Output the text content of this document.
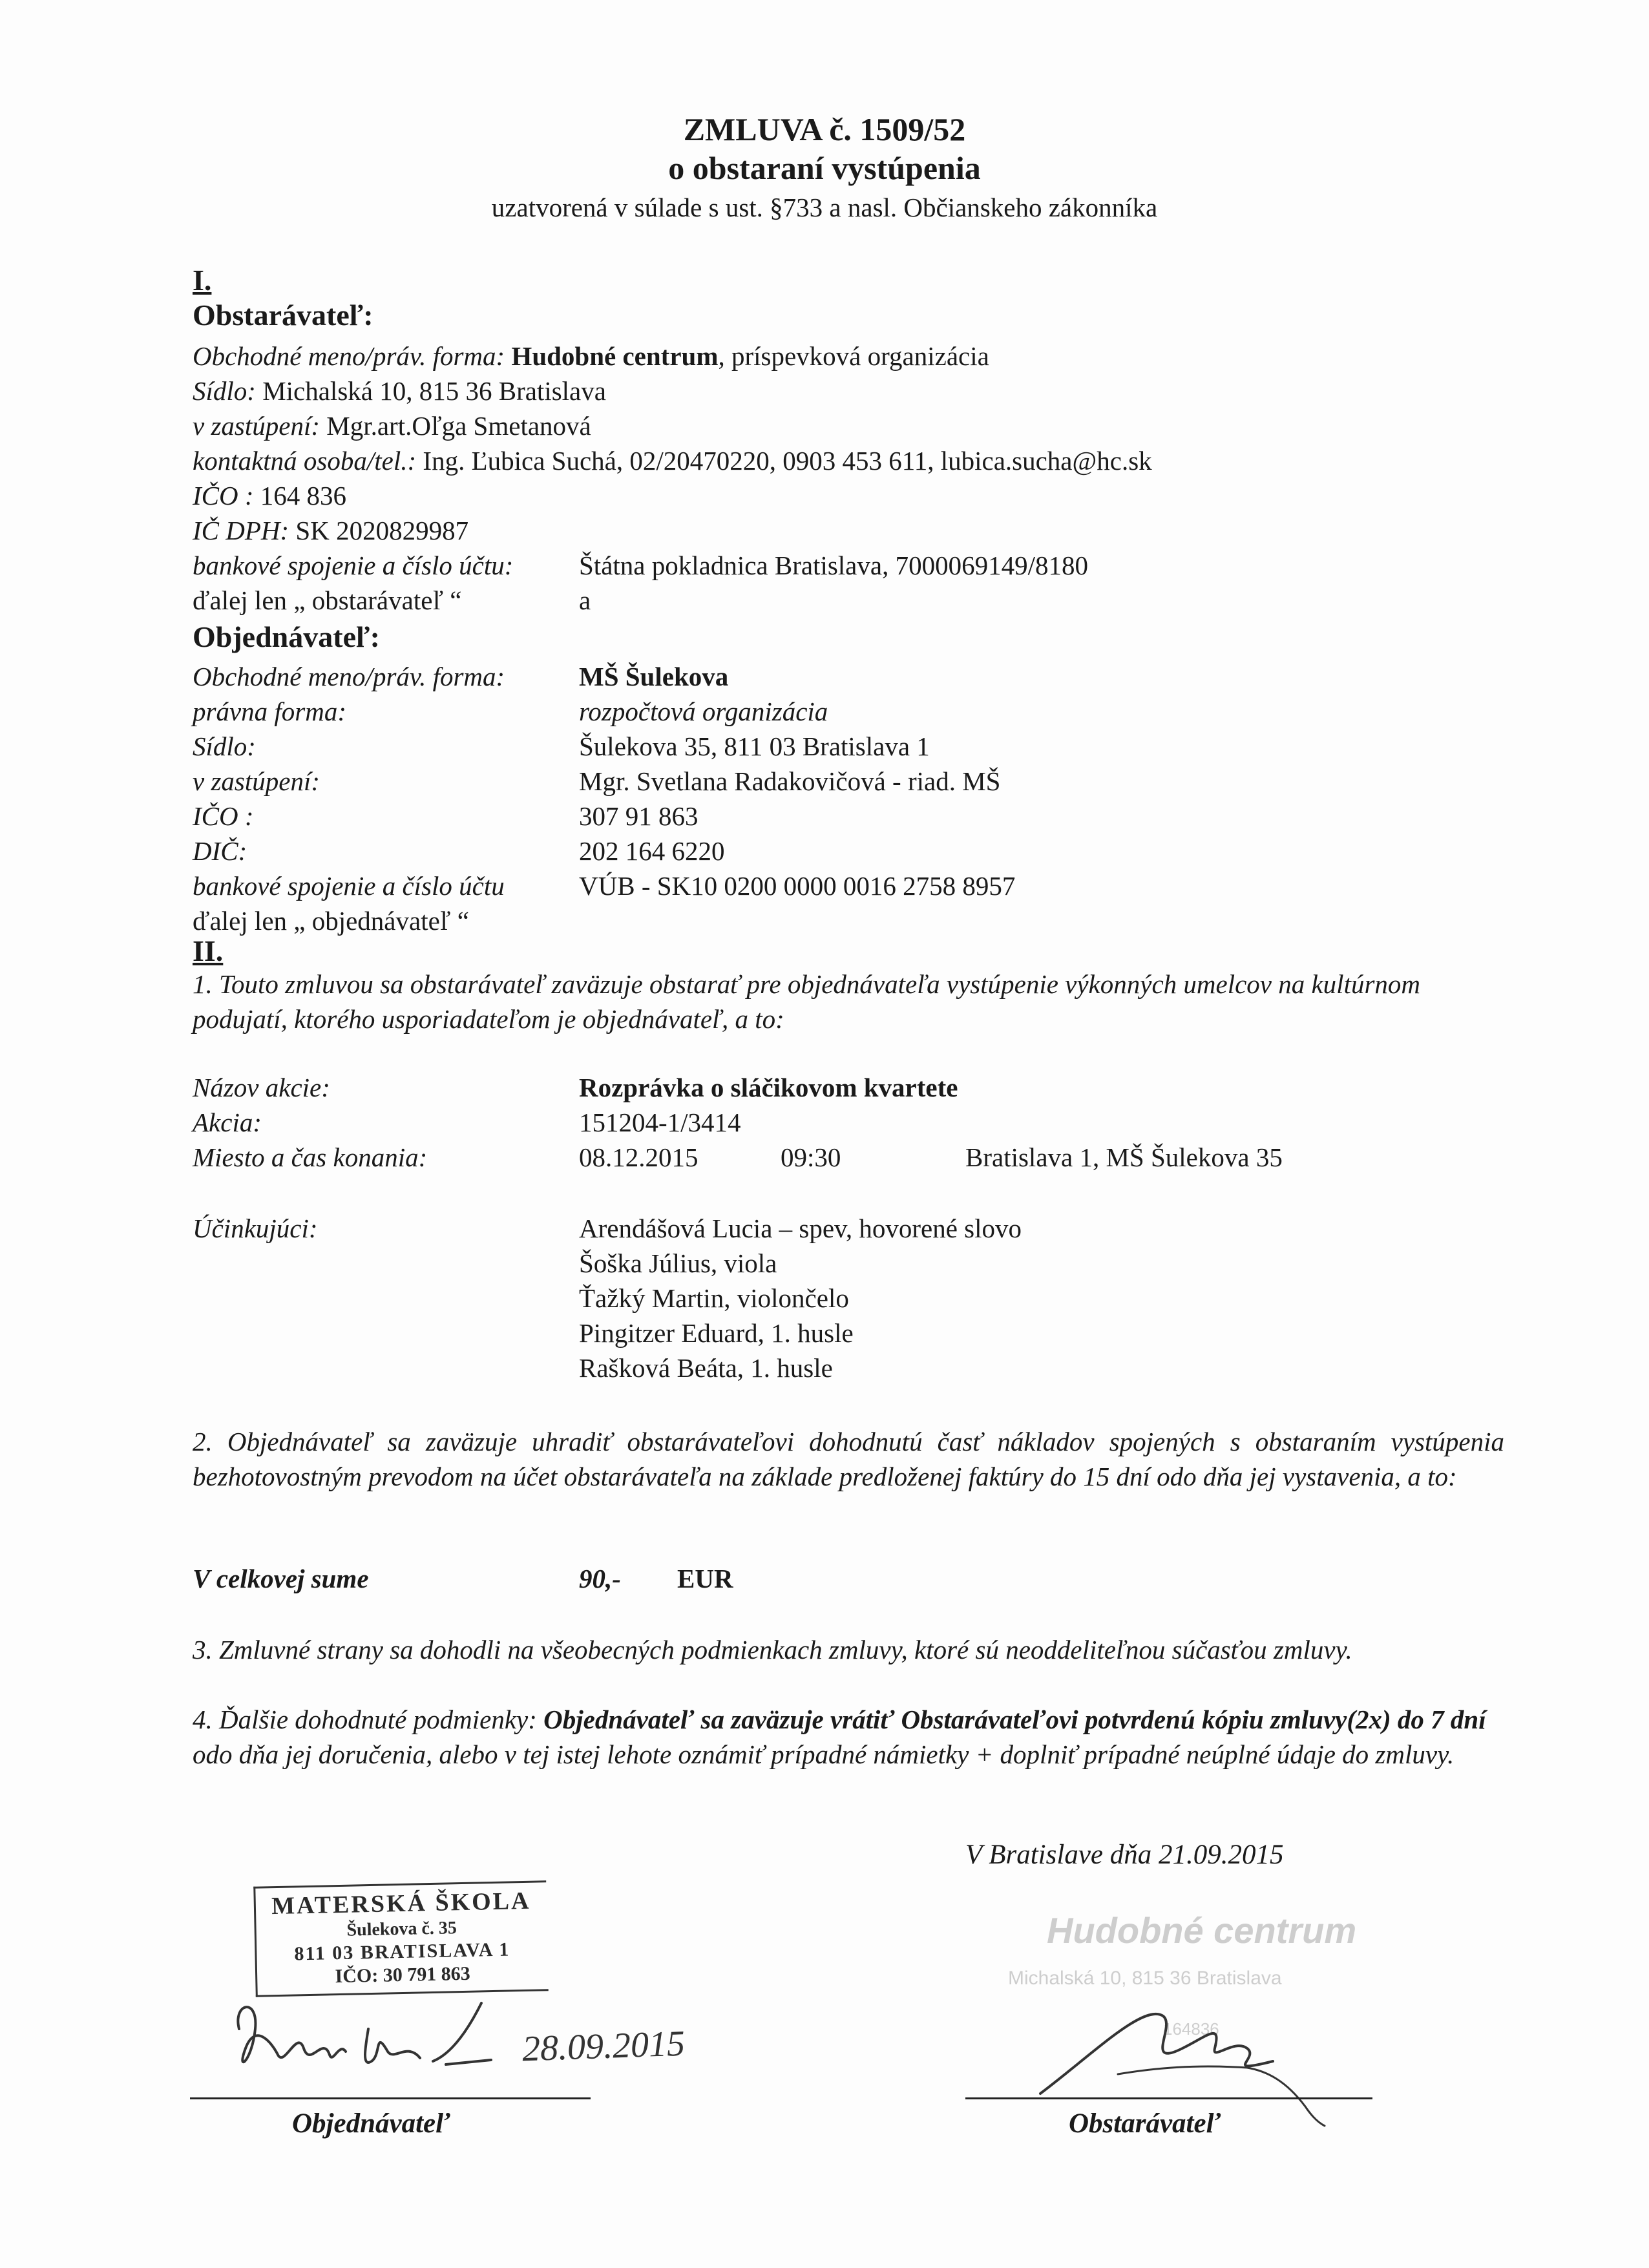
ZMLUVA č. 1509/52
o obstaraní vystúpenia
uzatvorená v súlade s ust. §733 a nasl. Občianskeho zákonníka
I.
Obstarávateľ:
Obchodné meno/práv. forma: Hudobné centrum, príspevková organizácia
Sídlo: Michalská 10, 815 36 Bratislava
v zastúpení: Mgr.art.Oľga Smetanová
kontaktná osoba/tel.: Ing. Ľubica Suchá, 02/20470220, 0903 453 611, lubica.sucha@hc.sk
IČO : 164 836
IČ DPH: SK 2020829987
bankové spojenie a číslo účtu: Štátna pokladnica Bratislava, 7000069149/8180
ďalej len „ obstarávateľ “	a
Objednávateľ:
Obchodné meno/práv. forma:	MŠ Šulekova
právna forma:	rozpočtová organizácia
Sídlo:	Šulekova 35, 811 03 Bratislava 1
v zastúpení:	Mgr. Svetlana Radakovičová - riad. MŠ
IČO :	307 91 863
DIČ:	202 164 6220
bankové spojenie a číslo účtu	VÚB - SK10 0200 0000 0016 2758 8957
ďalej len „ objednávateľ “
II.
1. Touto zmluvou sa obstarávateľ zaväzuje obstarať pre objednávateľa vystúpenie výkonných umelcov na kultúrnom podujatí, ktorého usporiadateľom je objednávateľ, a to:
Názov akcie:	Rozprávka o sláčikovom kvartete
Akcia:	151204-1/3414
Miesto a čas konania:	08.12.2015	09:30	Bratislava 1, MŠ Šulekova 35
Účinkujúci:	Arendášová Lucia – spev, hovorené slovo
Šoška Július, viola
Ťažký Martin, violončelo
Pingitzer Eduard, 1. husle
Rašková Beáta, 1. husle
2. Objednávateľ sa zaväzuje uhradiť obstarávateľovi dohodnutú časť nákladov spojených s obstaraním vystúpenia bezhotovostným prevodom na účet obstarávateľa na základe predloženej faktúry do 15 dní odo dňa jej vystavenia, a to:
V celkovej sume	90,- EUR
3. Zmluvné strany sa dohodli na všeobecných podmienkach zmluvy, ktoré sú neoddeliteľnou súčasťou zmluvy.
4. Ďalšie dohodnuté podmienky: Objednávateľ sa zaväzuje vrátiť Obstarávateľovi potvrdenú kópiu zmluvy(2x) do 7 dní odo dňa jej doručenia, alebo v tej istej lehote oznámiť prípadné námietky + doplniť prípadné neúplné údaje do zmluvy.
V Bratislave dňa 21.09.2015
MATERSKÁ ŠKOLA
Šulekova č. 35
811 03 BRATISLAVA 1
IČO: 30 791 863
Hudobné centrum
Michalská 10, 815 36 Bratislava
164836
28.09.2015
Objednávateľ	Obstarávateľ
